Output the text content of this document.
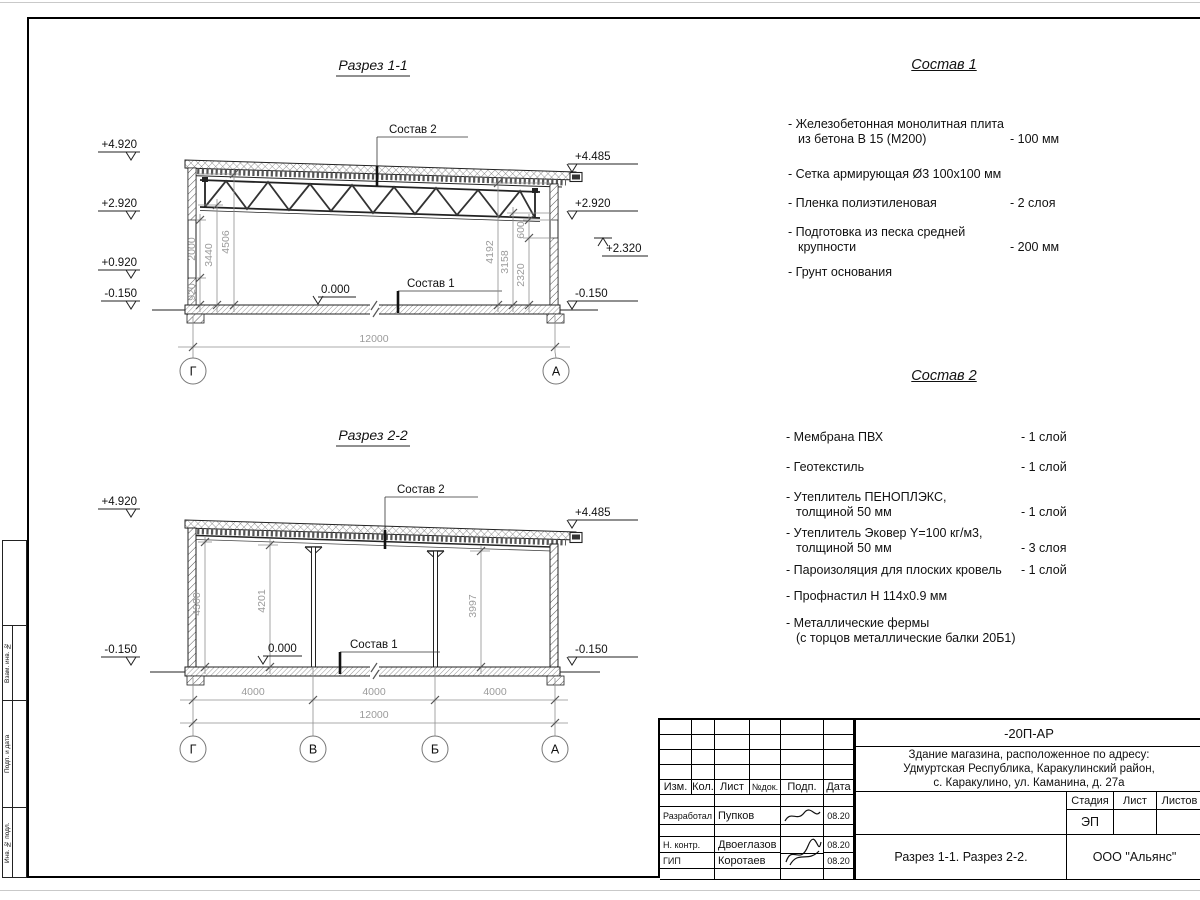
Взам. инв. №
Подп. и дата
Инв. № подл.
Разрез 1-1
12000
Г	А
+4.920
+2.920
+0.920
-0.150
+4.485
+2.920
+2.320
-0.150
Состав 2
Состав 1
0.000
920
2000 3440
4506	4192 3158
2320
600
Разрез 2-2
4300	4201	3997
Состав 2
Состав 1
0.000
+4.920
-0.150
+4.485
-0.150
4000	4000	4000
12000
Г	В	Б	А
Состав 1
- Железобетонная монолитная плита
из бетона В 15 (М200)	- 100 мм
- Сетка армирующая Ø3 100х100 мм
- Пленка полиэтиленовая	- 2 слоя
- Подготовка из песка средней
крупности	- 200 мм
- Грунт основания
Состав 2
- Мембрана ПВХ	- 1 слой
- Геотекстиль	- 1 слой
- Утеплитель ПЕНОПЛЭКС,
толщиной 50 мм	- 1 слой
- Утеплитель Эковер Y=100 кг/м3,
толщиной 50 мм	- 3 слоя
- Пароизоляция для плоских кровель	- 1 слой
- Профнастил Н 114х0.9 мм
- Металлические фермы
(с торцов металлические балки 20Б1)
Изм. Кол. Лист №док. Подп. Дата
Разработал Пупков	08.20
Н. контр.	Двоеглазов	08.20
ГИП	Коротаев	08.20
-20П-АР
Здание магазина, расположенное по адресу:
Удмуртская Республика, Каракулинский район,
с. Каракулино, ул. Каманина, д. 27а
Стадия	Лист	Листов
ЭП
Разрез 1-1. Разрез 2-2.	ООО "Альянс"
